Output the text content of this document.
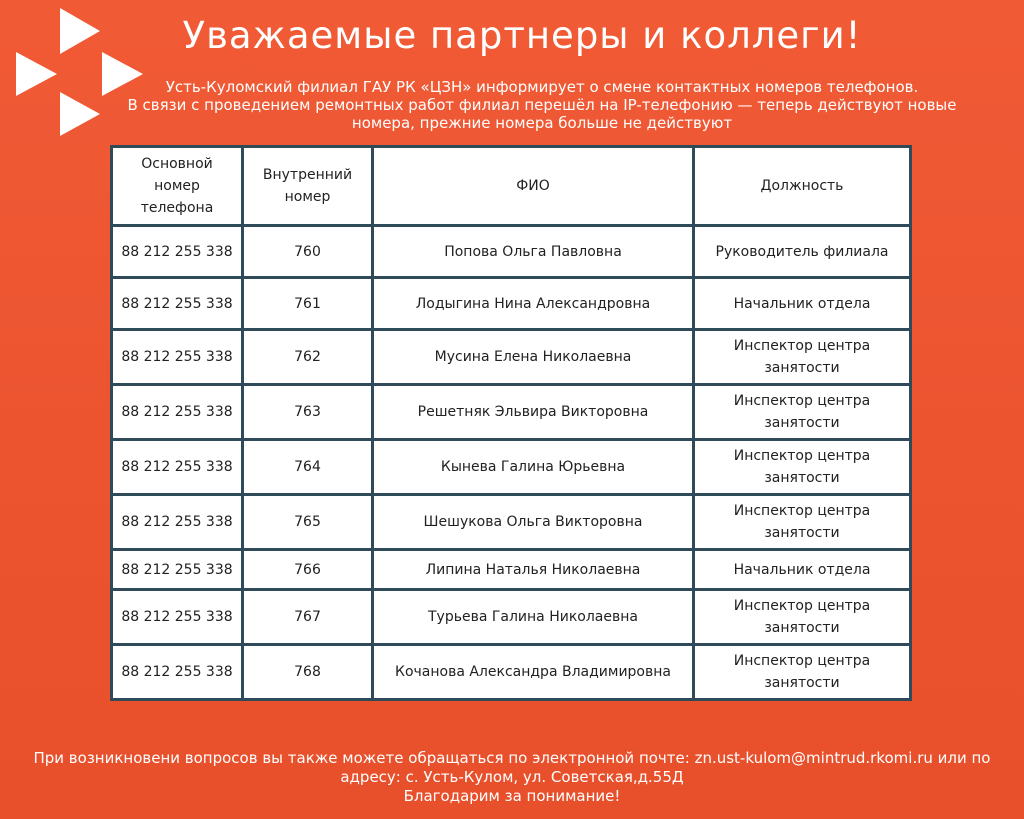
Уважаемые партнеры и коллеги!

Усть-Куломский филиал ГАУ РК «ЦЗН» информирует о смене контактных номеров телефонов.

В связи с проведением ремонтных работ филиал перешёл на IP-телефонию — теперь действуют новые номера, прежние номера больше не действуют

Основной номер телефона	Внутренний номер	ФИО	Должность
88 212 255 338	760	Попова Ольга Павловна	Руководитель филиала
88 212 255 338	761	Лодыгина Нина Александровна	Начальник отдела
88 212 255 338	762	Мусина Елена Николаевна	Инспектор центра занятости
88 212 255 338	763	Решетняк Эльвира Викторовна	Инспектор центра занятости
88 212 255 338	764	Кынева Галина Юрьевна	Инспектор центра занятости
88 212 255 338	765	Шешукова Ольга Викторовна	Инспектор центра занятости
88 212 255 338	766	Липина Наталья Николаевна	Начальник отдела
88 212 255 338	767	Турьева Галина Николаевна	Инспектор центра занятости
88 212 255 338	768	Кочанова Александра Владимировна	Инспектор центра занятости

При возникновени вопросов вы также можете обращаться по электронной почте: zn.ust-kulom@mintrud.rkomi.ru или по адресу: с. Усть-Кулом, ул. Советская,д.55Д

Благодарим за понимание!
